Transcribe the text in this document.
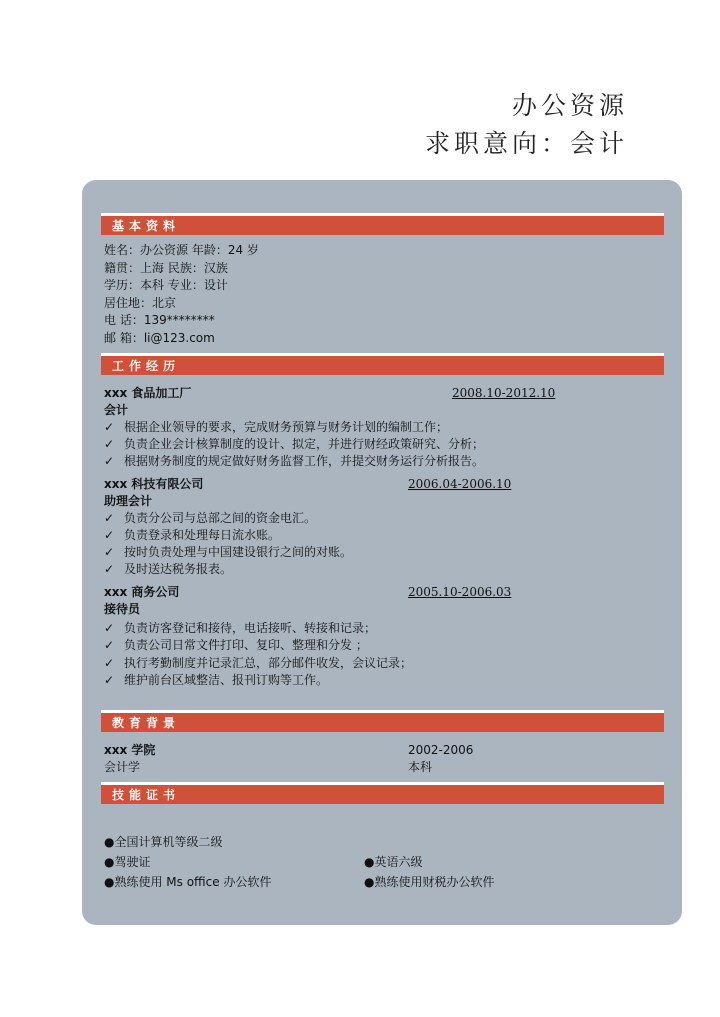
办公资源
求职意向：会计
基本资料
姓名：办公资源 年龄：24 岁
籍贯：上海 民族：汉族
学历：本科 专业：设计
居住地：北京
电 话：139********
邮 箱：li@123.com
工作经历
xxx 食品加工厂	2008.10-2012.10
会计
✓ 根据企业领导的要求，完成财务预算与财务计划的编制工作；
✓ 负责企业会计核算制度的设计、拟定，并进行财经政策研究、分析；
✓ 根据财务制度的规定做好财务监督工作，并提交财务运行分析报告。
xxx 科技有限公司	2006.04-2006.10
助理会计
✓ 负责分公司与总部之间的资金电汇。
✓ 负责登录和处理每日流水账。
✓ 按时负责处理与中国建设银行之间的对账。
✓ 及时送达税务报表。
xxx 商务公司	2005.10-2006.03
接待员
✓ 负责访客登记和接待，电话接听、转接和记录；
✓ 负责公司日常文件打印、复印、整理和分发 ；
✓ 执行考勤制度并记录汇总，部分邮件收发，会议记录；
✓ 维护前台区域整洁、报刊订购等工作。
教育背景
xxx 学院	2002-2006
会计学	本科
技能证书
●全国计算机等级二级
●驾驶证	●英语六级
●熟练使用 Ms office 办公软件	●熟练使用财税办公软件
